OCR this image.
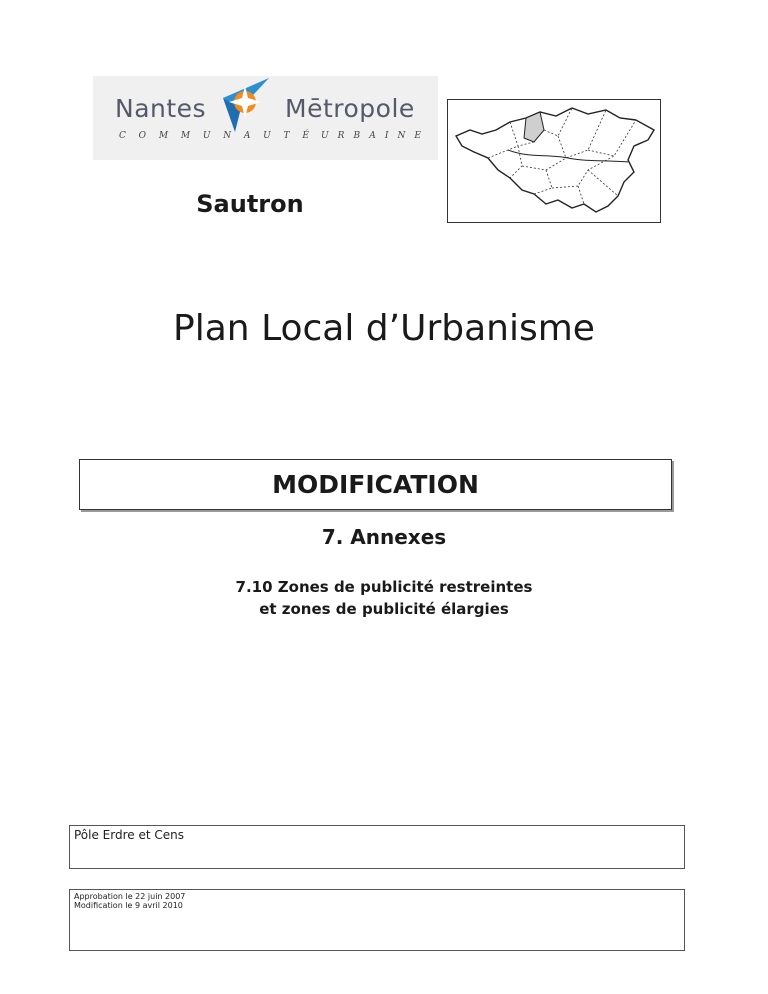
Nantes	Mētropole
C O M M U N A U T É U R B A I N E
Sautron
Plan Local d’Urbanisme
MODIFICATION
7. Annexes
7.10 Zones de publicité restreintes
et zones de publicité élargies
Pôle Erdre et Cens
Approbation le 22 juin 2007
Modification le 9 avril 2010
